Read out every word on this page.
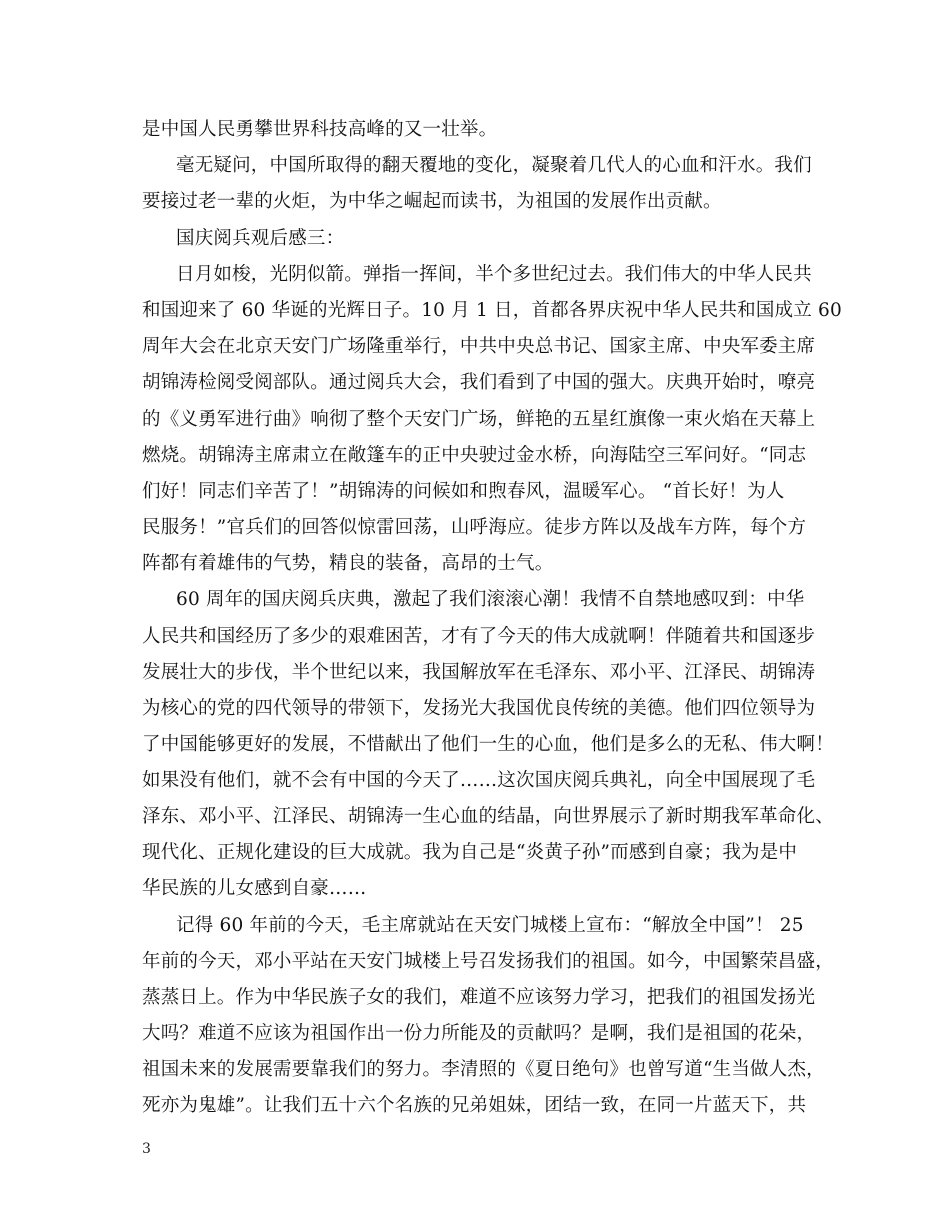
是中国人民勇攀世界科技高峰的又一壮举。
毫无疑问，中国所取得的翻天覆地的变化，凝聚着几代人的心血和汗水。我们
要接过老一辈的火炬，为中华之崛起而读书，为祖国的发展作出贡献。
国庆阅兵观后感三：
日月如梭，光阴似箭。弹指一挥间，半个多世纪过去。我们伟大的中华人民共
和国迎来了 60 华诞的光辉日子。10 月 1 日，首都各界庆祝中华人民共和国成立 60
周年大会在北京天安门广场隆重举行，中共中央总书记、国家主席、中央军委主席
胡锦涛检阅受阅部队。通过阅兵大会，我们看到了中国的强大。庆典开始时，嘹亮
的《义勇军进行曲》响彻了整个天安门广场，鲜艳的五星红旗像一束火焰在天幕上
燃烧。胡锦涛主席肃立在敞篷车的正中央驶过金水桥，向海陆空三军问好。“同志
们好！同志们辛苦了！”胡锦涛的问候如和煦春风，温暖军心。 “首长好！为人
民服务！”官兵们的回答似惊雷回荡，山呼海应。徒步方阵以及战车方阵，每个方
阵都有着雄伟的气势，精良的装备，高昂的士气。
60 周年的国庆阅兵庆典，激起了我们滚滚心潮！我情不自禁地感叹到：中华
人民共和国经历了多少的艰难困苦，才有了今天的伟大成就啊！伴随着共和国逐步
发展壮大的步伐，半个世纪以来，我国解放军在毛泽东、邓小平、江泽民、胡锦涛
为核心的党的四代领导的带领下，发扬光大我国优良传统的美德。他们四位领导为
了中国能够更好的发展，不惜献出了他们一生的心血，他们是多么的无私、伟大啊！
如果没有他们，就不会有中国的今天了……这次国庆阅兵典礼，向全中国展现了毛
泽东、邓小平、江泽民、胡锦涛一生心血的结晶，向世界展示了新时期我军革命化、
现代化、正规化建设的巨大成就。我为自己是“炎黄子孙”而感到自豪；我为是中
华民族的儿女感到自豪……
记得 60 年前的今天，毛主席就站在天安门城楼上宣布：“解放全中国”！ 25
年前的今天，邓小平站在天安门城楼上号召发扬我们的祖国。如今，中国繁荣昌盛，
蒸蒸日上。作为中华民族子女的我们，难道不应该努力学习，把我们的祖国发扬光
大吗？难道不应该为祖国作出一份力所能及的贡献吗？是啊，我们是祖国的花朵，
祖国未来的发展需要靠我们的努力。李清照的《夏日绝句》也曾写道“生当做人杰，
死亦为鬼雄”。让我们五十六个名族的兄弟姐妹，团结一致，在同一片蓝天下，共
3
